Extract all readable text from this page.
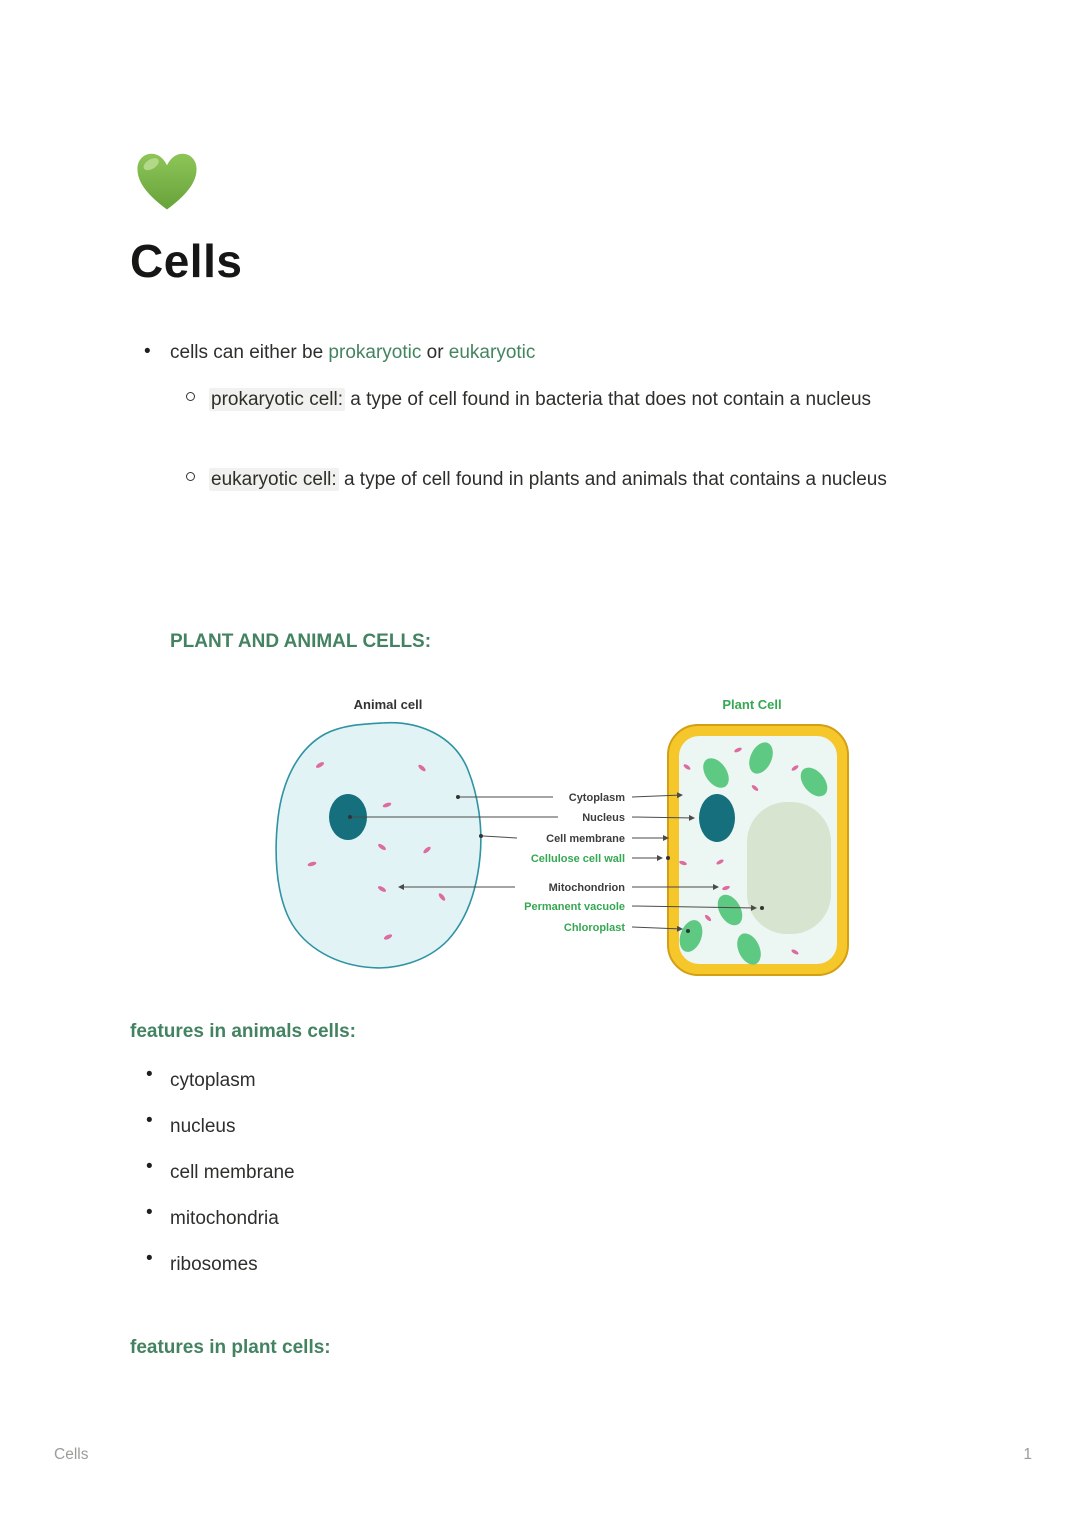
Cells
• cells can either be prokaryotic or eukaryotic
prokaryotic cell: a type of cell found in bacteria that does not contain a nucleus
eukaryotic cell: a type of cell found in plants and animals that contains a nucleus
PLANT AND ANIMAL CELLS:
Animal cell	Plant Cell
Cytoplasm
Nucleus
Cell membrane
Cellulose cell wall
Mitochondrion
Permanent vacuole
Chloroplast
features in animals cells:
• cytoplasm
• nucleus
• cell membrane
• mitochondria
• ribosomes
features in plant cells:
Cells	1
